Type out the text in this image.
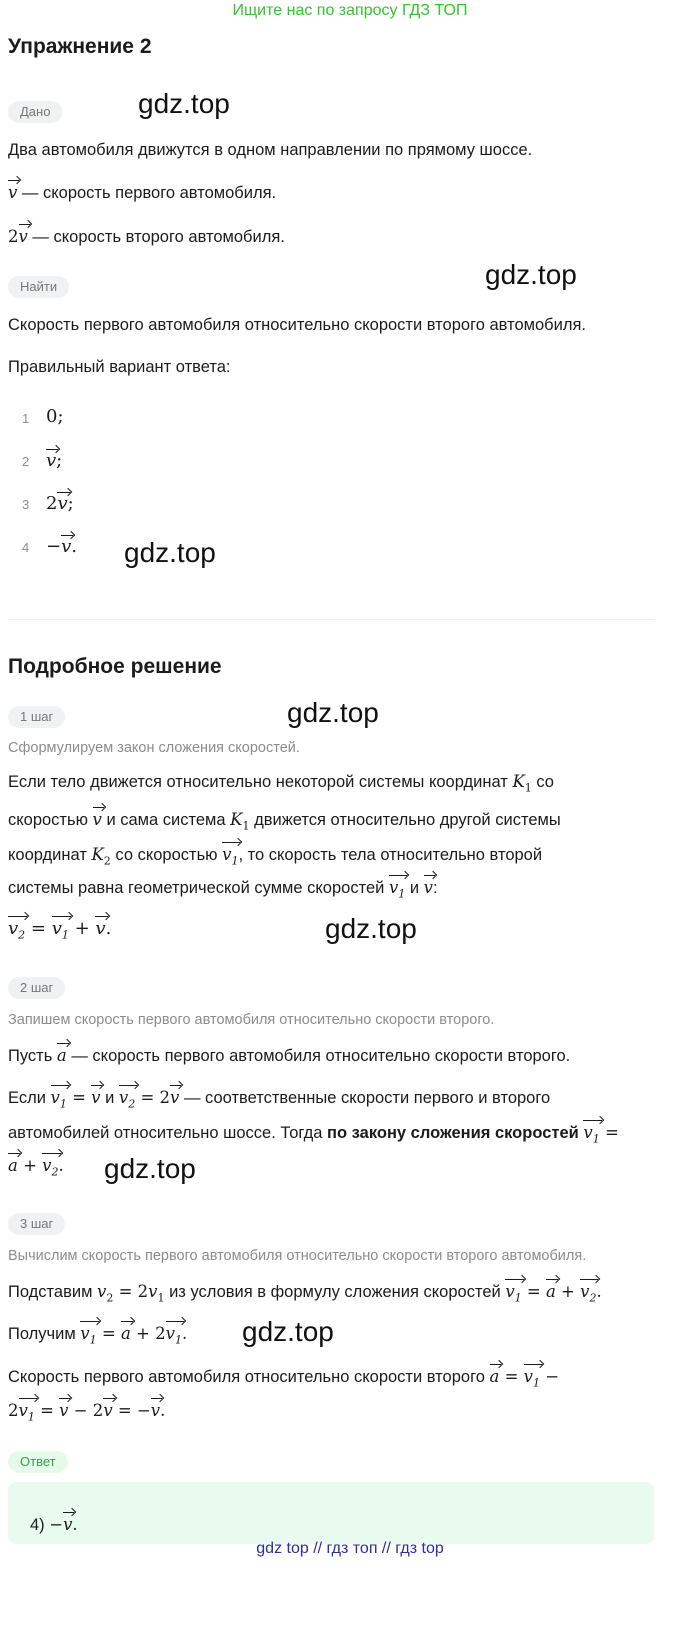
Ищите нас по запросу ГДЗ ТОП
Упражнение 2
gdz.top
gdz.top
gdz.top
gdz.top
gdz.top
gdz.top
gdz.top
Дано
Два автомобиля движутся в одном направлении по прямому шоссе.
v — скорость первого автомобиля.
2v — скорость второго автомобиля.
Найти
Скорость первого автомобиля относительно скорости второго автомобиля.
Правильный вариант ответа:
1 0;
2 v;
3 2v;
4 −v.
Подробное решение
1 шаг
Сформулируем закон сложения скоростей.
Если тело движется относительно некоторой системы координат $K_1$ со
скоростью v и сама система $K_1$ движется относительно другой системы
координат $K_2$ со скоростью $v_1$, то скорость тела относительно второй
системы равна геометрической сумме скоростей $v_1$ и v:
$v_2 = v_1 + v$.
2 шаг
Запишем скорость первого автомобиля относительно скорости второго.
Пусть a — скорость первого автомобиля относительно скорости второго.
Если $v_1 = v$ и $v_2 = 2v$ — соответственные скорости первого и второго
автомобилей относительно шоссе. Тогда по закону сложения скоростей $v_1$ =
$a + v_2$.
3 шаг
Вычислим скорость первого автомобиля относительно скорости второго автомобиля.
Подставим $v_2 = 2v_1$ из условия в формулу сложения скоростей $v_1 = a + v_2$.
Получим $v_1 = a + 2v_1$.
Скорость первого автомобиля относительно скорости второго $a = v_1$ −
$2v_1 = v - 2v = -v$.
Ответ
4) −v.
gdz top // гдз топ // гдз top
